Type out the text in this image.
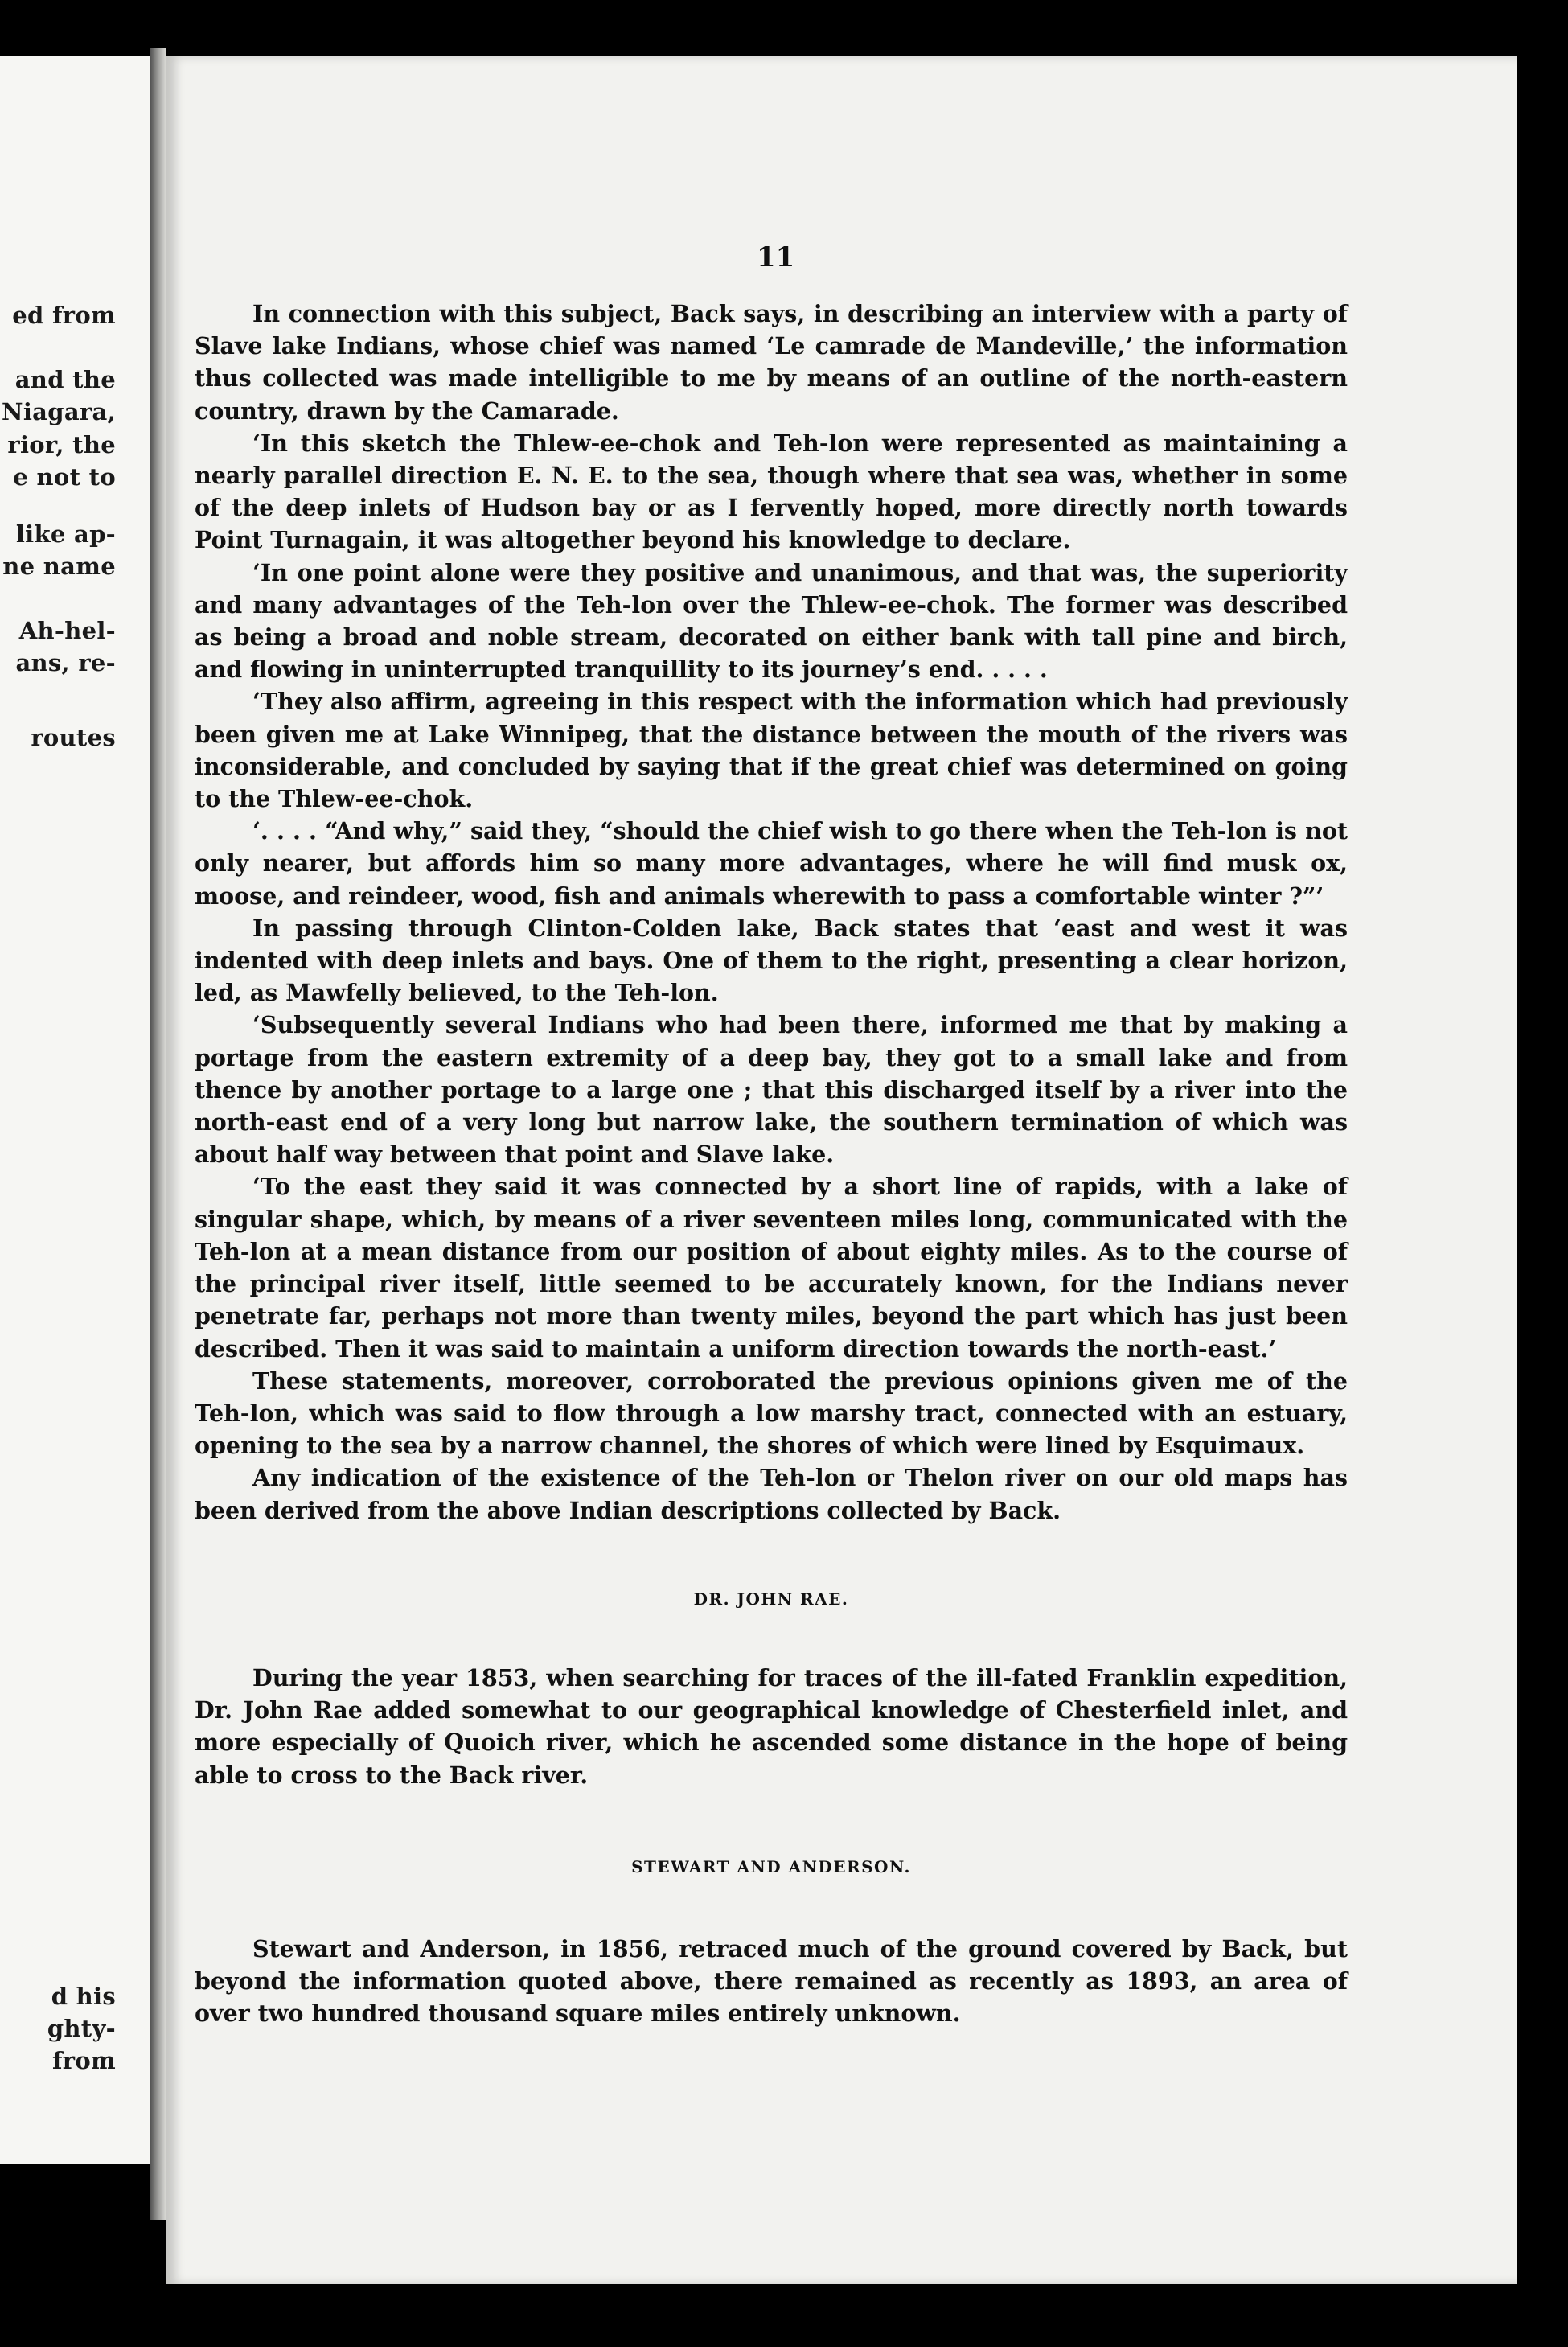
ed from
and the
Niagara,
rior, the
e not to
like ap-
ne name
Ah-hel-
ans, re-
routes
d his
ghty-
from
11

In connection with this subject, Back says, in describing an interview with a party of Slave lake Indians, whose chief was named ‘Le camrade de Mandeville,’ the information thus collected was made intelligible to me by means of an outline of the north-eastern country, drawn by the Camarade.

‘In this sketch the Thlew-ee-chok and Teh-lon were represented as maintaining a nearly parallel direction E. N. E. to the sea, though where that sea was, whether in some of the deep inlets of Hudson bay or as I fervently hoped, more directly north towards Point Turnagain, it was altogether beyond his knowledge to declare.

‘In one point alone were they positive and unanimous, and that was, the superiority and many advantages of the Teh-lon over the Thlew-ee-chok. The former was described as being a broad and noble stream, decorated on either bank with tall pine and birch, and flowing in uninterrupted tranquillity to its journey’s end. . . . .

‘They also affirm, agreeing in this respect with the information which had previously been given me at Lake Winnipeg, that the distance between the mouth of the rivers was inconsiderable, and concluded by saying that if the great chief was determined on going to the Thlew-ee-chok.

‘. . . . “And why,” said they, “should the chief wish to go there when the Teh-lon is not only nearer, but affords him so many more advantages, where he will find musk ox, moose, and reindeer, wood, fish and animals wherewith to pass a comfortable winter ?”’

In passing through Clinton-Colden lake, Back states that ‘east and west it was indented with deep inlets and bays. One of them to the right, presenting a clear horizon, led, as Mawfelly believed, to the Teh-lon.

‘Subsequently several Indians who had been there, informed me that by making a portage from the eastern extremity of a deep bay, they got to a small lake and from thence by another portage to a large one ; that this discharged itself by a river into the north-east end of a very long but narrow lake, the southern termination of which was about half way between that point and Slave lake.

‘To the east they said it was connected by a short line of rapids, with a lake of singular shape, which, by means of a river seventeen miles long, communicated with the Teh-lon at a mean distance from our position of about eighty miles. As to the course of the principal river itself, little seemed to be accurately known, for the Indians never penetrate far, perhaps not more than twenty miles, beyond the part which has just been described. Then it was said to maintain a uniform direction towards the north-east.’

These statements, moreover, corroborated the previous opinions given me of the Teh-lon, which was said to flow through a low marshy tract, connected with an estuary, opening to the sea by a narrow channel, the shores of which were lined by Esquimaux.

Any indication of the existence of the Teh-lon or Thelon river on our old maps has been derived from the above Indian descriptions collected by Back.

DR. JOHN RAE.

During the year 1853, when searching for traces of the ill-fated Franklin expedition, Dr. John Rae added somewhat to our geographical knowledge of Chesterfield inlet, and more especially of Quoich river, which he ascended some distance in the hope of being able to cross to the Back river.

STEWART AND ANDERSON.

Stewart and Anderson, in 1856, retraced much of the ground covered by Back, but beyond the information quoted above, there remained as recently as 1893, an area of over two hundred thousand square miles entirely unknown.
